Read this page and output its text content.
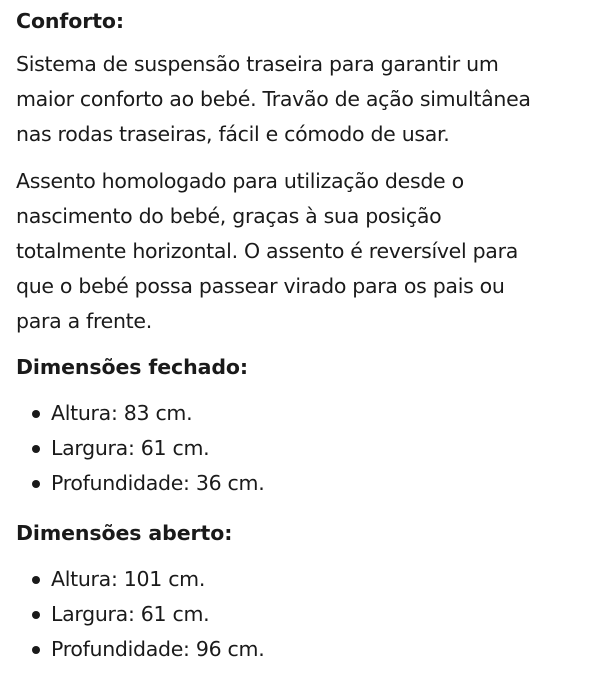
Conforto:

Sistema de suspensão traseira para garantir um
maior conforto ao bebé. Travão de ação simultânea
nas rodas traseiras, fácil e cómodo de usar.

Assento homologado para utilização desde o
nascimento do bebé, graças à sua posição
totalmente horizontal. O assento é reversível para
que o bebé possa passear virado para os pais ou
para a frente.

Dimensões fechado:
Altura: 83 cm.
Largura: 61 cm.
Profundidade: 36 cm.
Dimensões aberto:
Altura: 101 cm.
Largura: 61 cm.
Profundidade: 96 cm.
